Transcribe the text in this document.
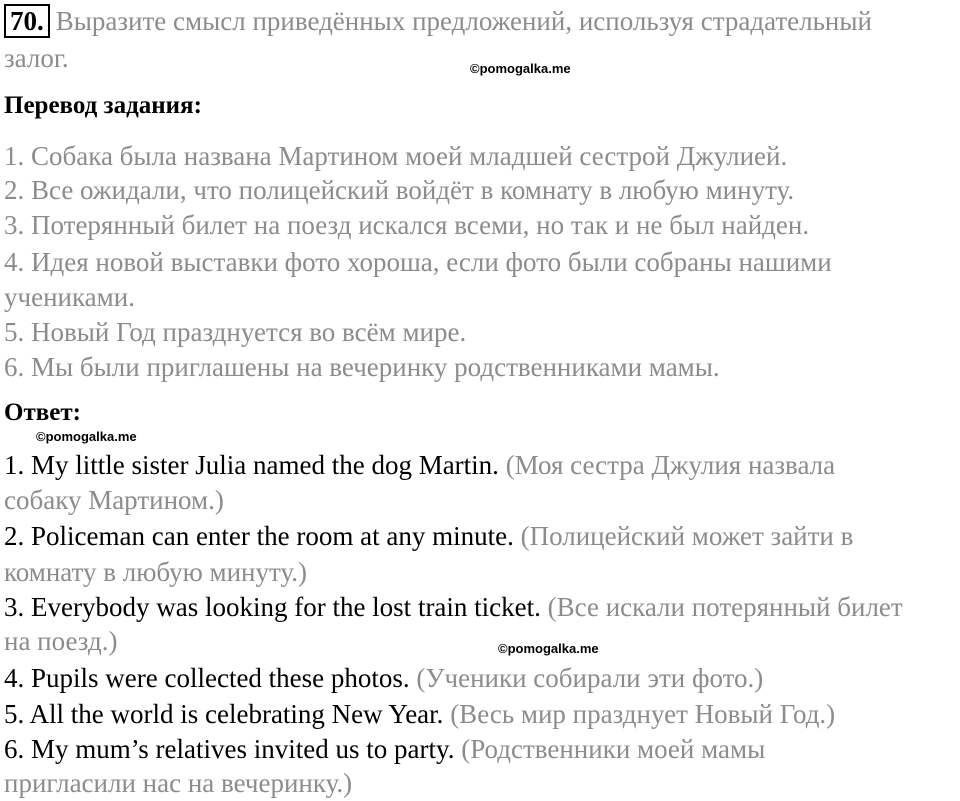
70. Выразите смысл приведённых предложений, используя страдательный
залог.	©pomogalka.me
Перевод задания:
1. Собака была названа Мартином моей младшей сестрой Джулией.
2. Все ожидали, что полицейский войдёт в комнату в любую минуту.
3. Потерянный билет на поезд искался всеми, но так и не был найден.
4. Идея новой выставки фото хороша, если фото были собраны нашими
учениками.
5. Новый Год празднуется во всём мире.
6. Мы были приглашены на вечеринку родственниками мамы.
Ответ:
©pomogalka.me
1. My little sister Julia named the dog Martin. (Моя сестра Джулия назвала
собаку Мартином.)
2. Policeman can enter the room at any minute. (Полицейский может зайти в
комнату в любую минуту.)
3. Everybody was looking for the lost train ticket. (Все искали потерянный билет
на поезд.)	©pomogalka.me
4. Pupils were collected these photos. (Ученики собирали эти фото.)
5. All the world is celebrating New Year. (Весь мир празднует Новый Год.)
6. My mum’s relatives invited us to party. (Родственники моей мамы
пригласили нас на вечеринку.)
